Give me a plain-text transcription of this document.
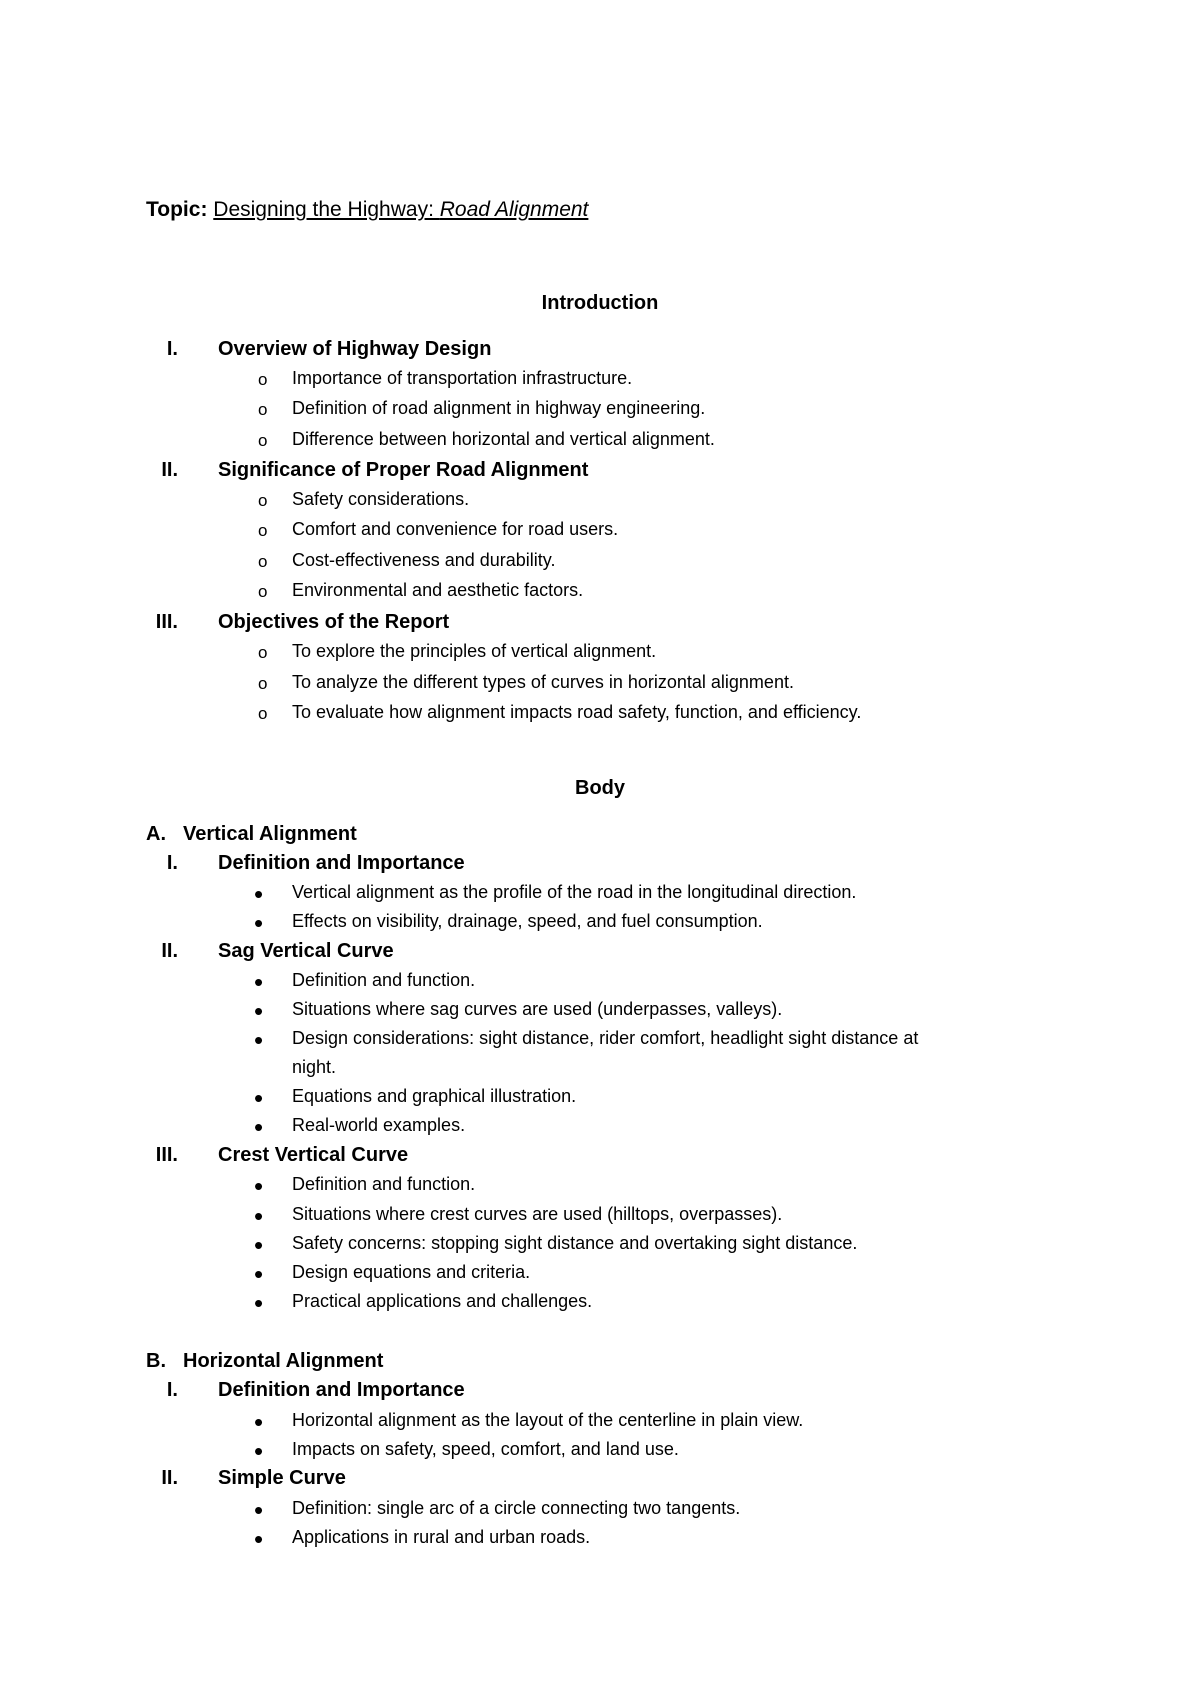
Topic: Designing the Highway: Road Alignment
Introduction
I. Overview of Highway Design
o Importance of transportation infrastructure.
o Definition of road alignment in highway engineering.
o Difference between horizontal and vertical alignment.
II. Significance of Proper Road Alignment
o Safety considerations.
o Comfort and convenience for road users.
o Cost-effectiveness and durability.
o Environmental and aesthetic factors.
III. Objectives of the Report
o To explore the principles of vertical alignment.
o To analyze the different types of curves in horizontal alignment.
o To evaluate how alignment impacts road safety, function, and efficiency.
Body
A. Vertical Alignment
I. Definition and Importance
• Vertical alignment as the profile of the road in the longitudinal direction.
• Effects on visibility, drainage, speed, and fuel consumption.
II. Sag Vertical Curve
• Definition and function.
• Situations where sag curves are used (underpasses, valleys).
• Design considerations: sight distance, rider comfort, headlight sight distance at
night.
• Equations and graphical illustration.
• Real-world examples.
III. Crest Vertical Curve
• Definition and function.
• Situations where crest curves are used (hilltops, overpasses).
• Safety concerns: stopping sight distance and overtaking sight distance.
• Design equations and criteria.
• Practical applications and challenges.
B. Horizontal Alignment
I. Definition and Importance
• Horizontal alignment as the layout of the centerline in plain view.
• Impacts on safety, speed, comfort, and land use.
II. Simple Curve
• Definition: single arc of a circle connecting two tangents.
• Applications in rural and urban roads.
